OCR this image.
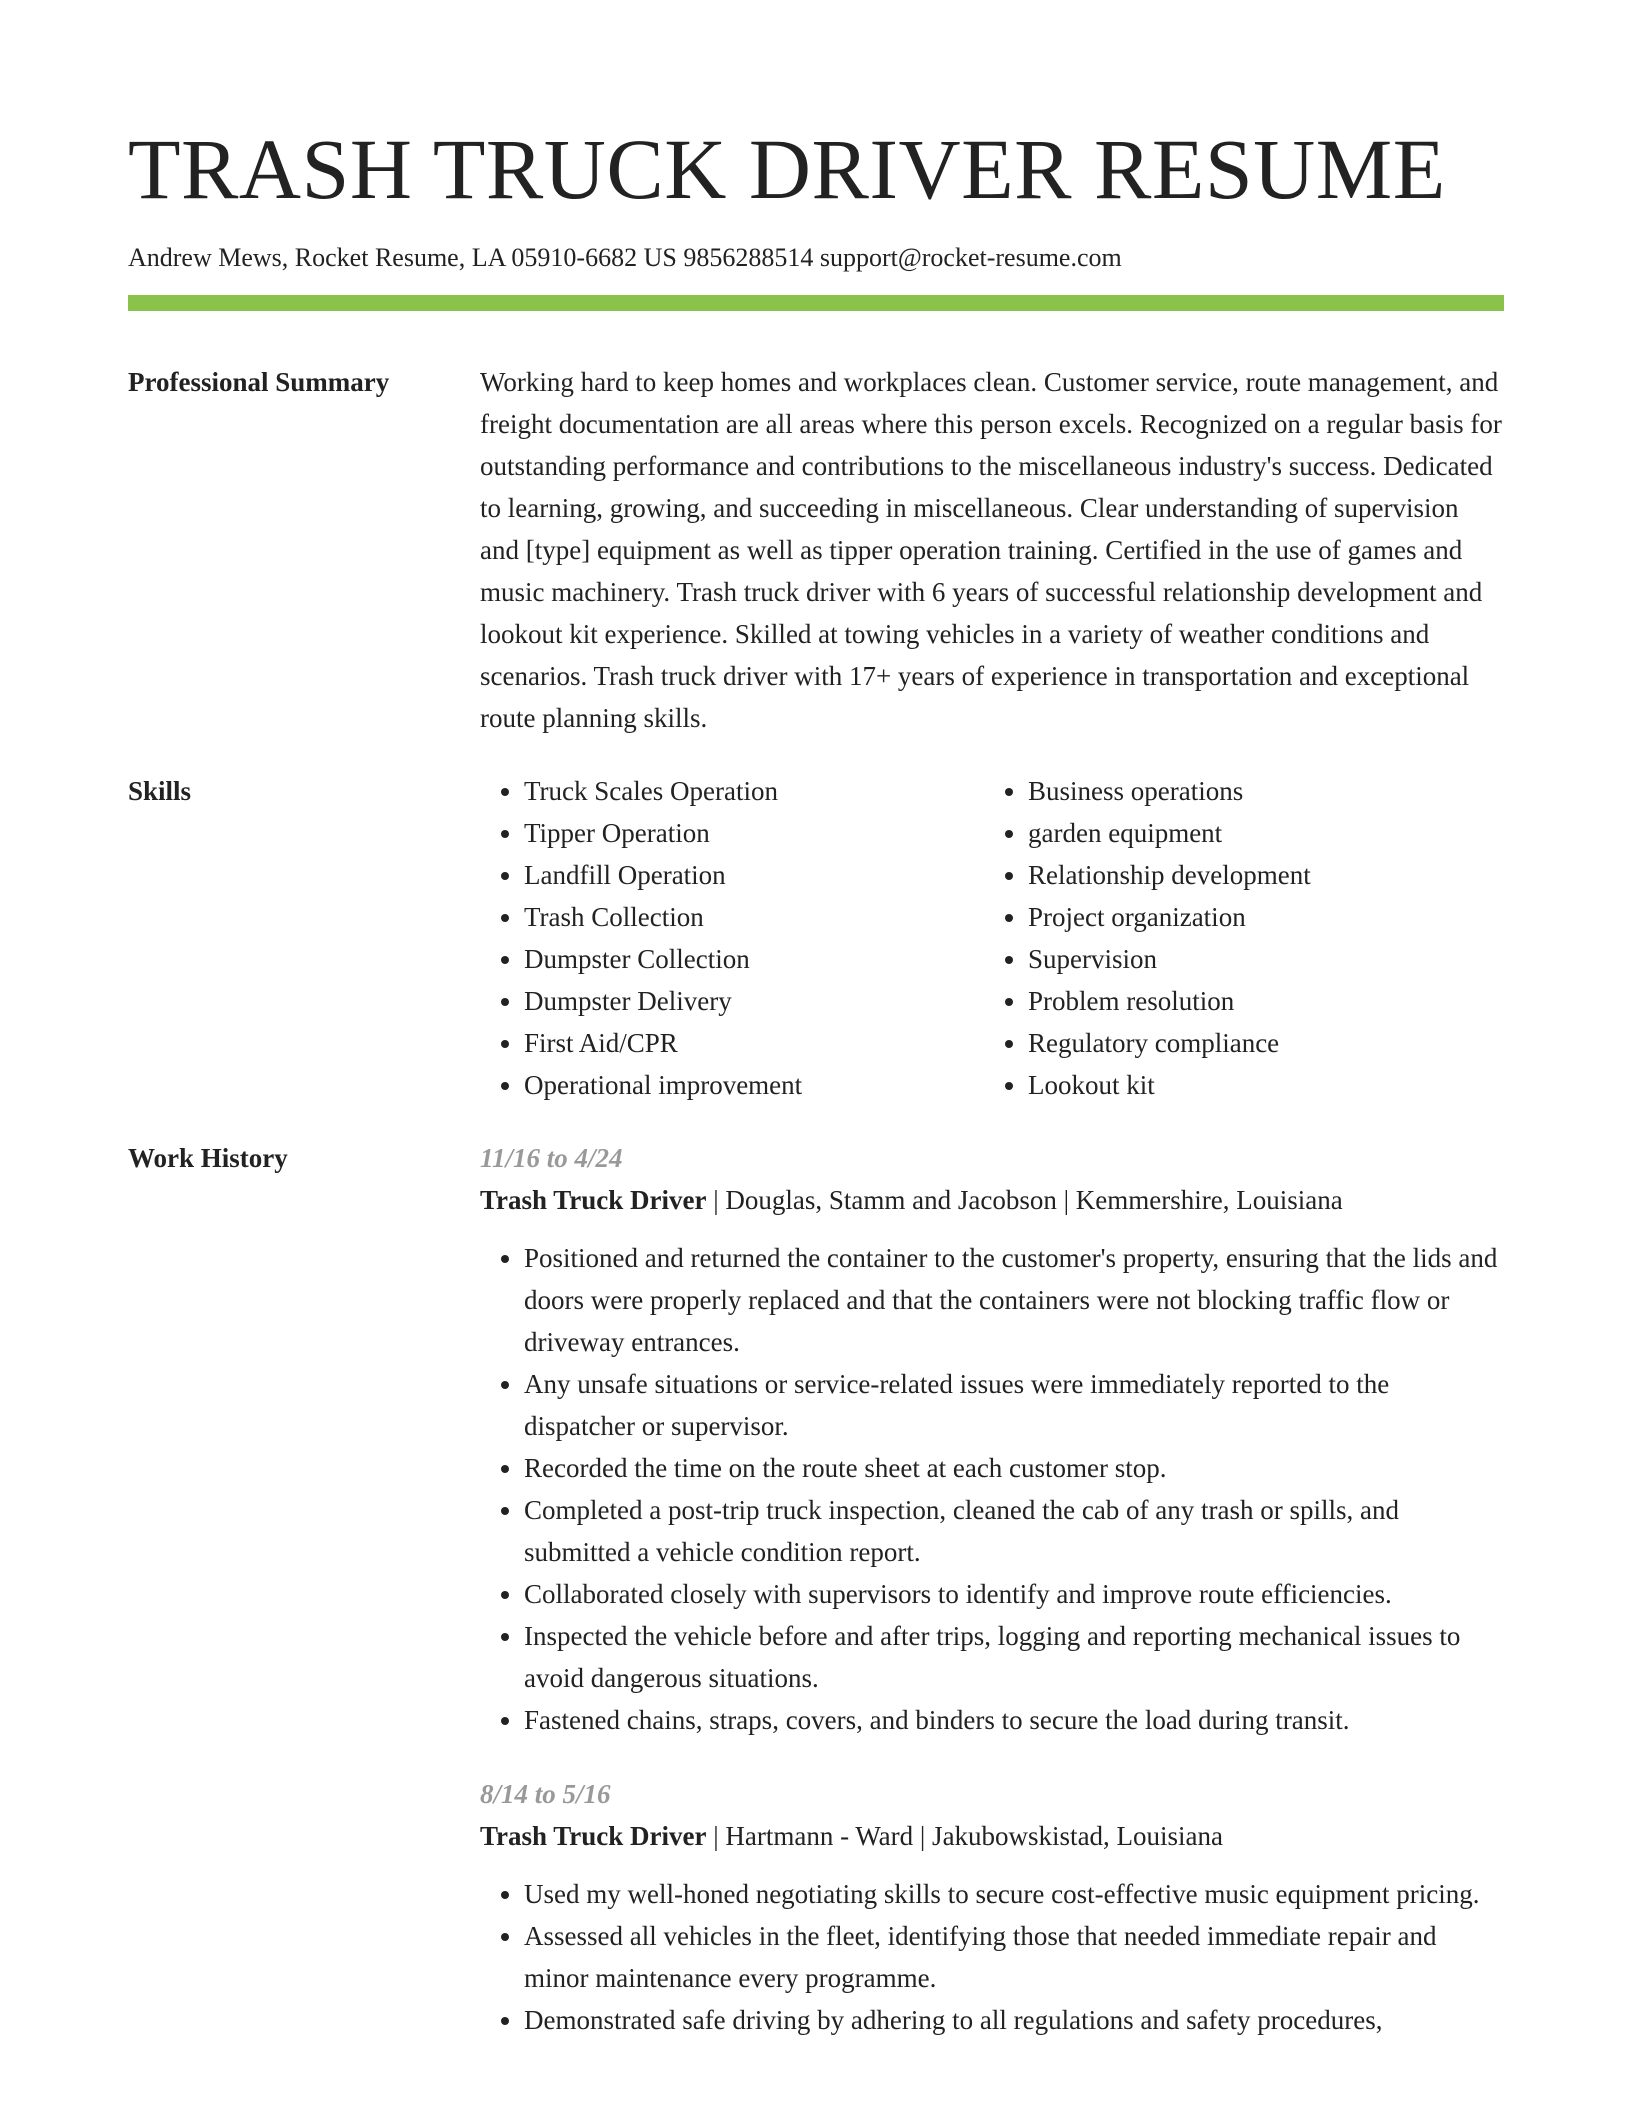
TRASH TRUCK DRIVER RESUME
Andrew Mews, Rocket Resume, LA 05910-6682 US 9856288514 support@rocket-resume.com
Professional Summary	Working hard to keep homes and workplaces clean. Customer service, route management, and freight documentation are all areas where this person excels. Recognized on a regular basis for outstanding performance and contributions to the miscellaneous industry's success. Dedicated to learning, growing, and succeeding in miscellaneous. Clear understanding of supervision and [type] equipment as well as tipper operation training. Certified in the use of games and music machinery. Trash truck driver with 6 years of successful relationship development and lookout kit experience. Skilled at towing vehicles in a variety of weather conditions and scenarios. Trash truck driver with 17+ years of experience in transportation and exceptional route planning skills.

Skills
•	Truck Scales Operation
• Tipper Operation
• Landfill Operation
• Trash Collection
• Dumpster Collection
• Dumpster Delivery
• First Aid/CPR
• Operational improvement
• Business operations
• garden equipment
• Relationship development
• Project organization
• Supervision
• Problem resolution
• Regulatory compliance
• Lookout kit
Work History	11/16 to 4/24
Trash Truck Driver | Douglas, Stamm and Jacobson | Kemmershire, Louisiana
• Positioned and returned the container to the customer's property, ensuring that the lids and doors were properly replaced and that the containers were not blocking traffic flow or driveway entrances.
• Any unsafe situations or service-related issues were immediately reported to the dispatcher or supervisor.
• Recorded the time on the route sheet at each customer stop.
• Completed a post-trip truck inspection, cleaned the cab of any trash or spills, and submitted a vehicle condition report.
• Collaborated closely with supervisors to identify and improve route efficiencies.
• Inspected the vehicle before and after trips, logging and reporting mechanical issues to avoid dangerous situations.
• Fastened chains, straps, covers, and binders to secure the load during transit.
8/14 to 5/16
Trash Truck Driver | Hartmann - Ward | Jakubowskistad, Louisiana
• Used my well-honed negotiating skills to secure cost-effective music equipment pricing.
• Assessed all vehicles in the fleet, identifying those that needed immediate repair and minor maintenance every programme.
• Demonstrated safe driving by adhering to all regulations and safety procedures,
